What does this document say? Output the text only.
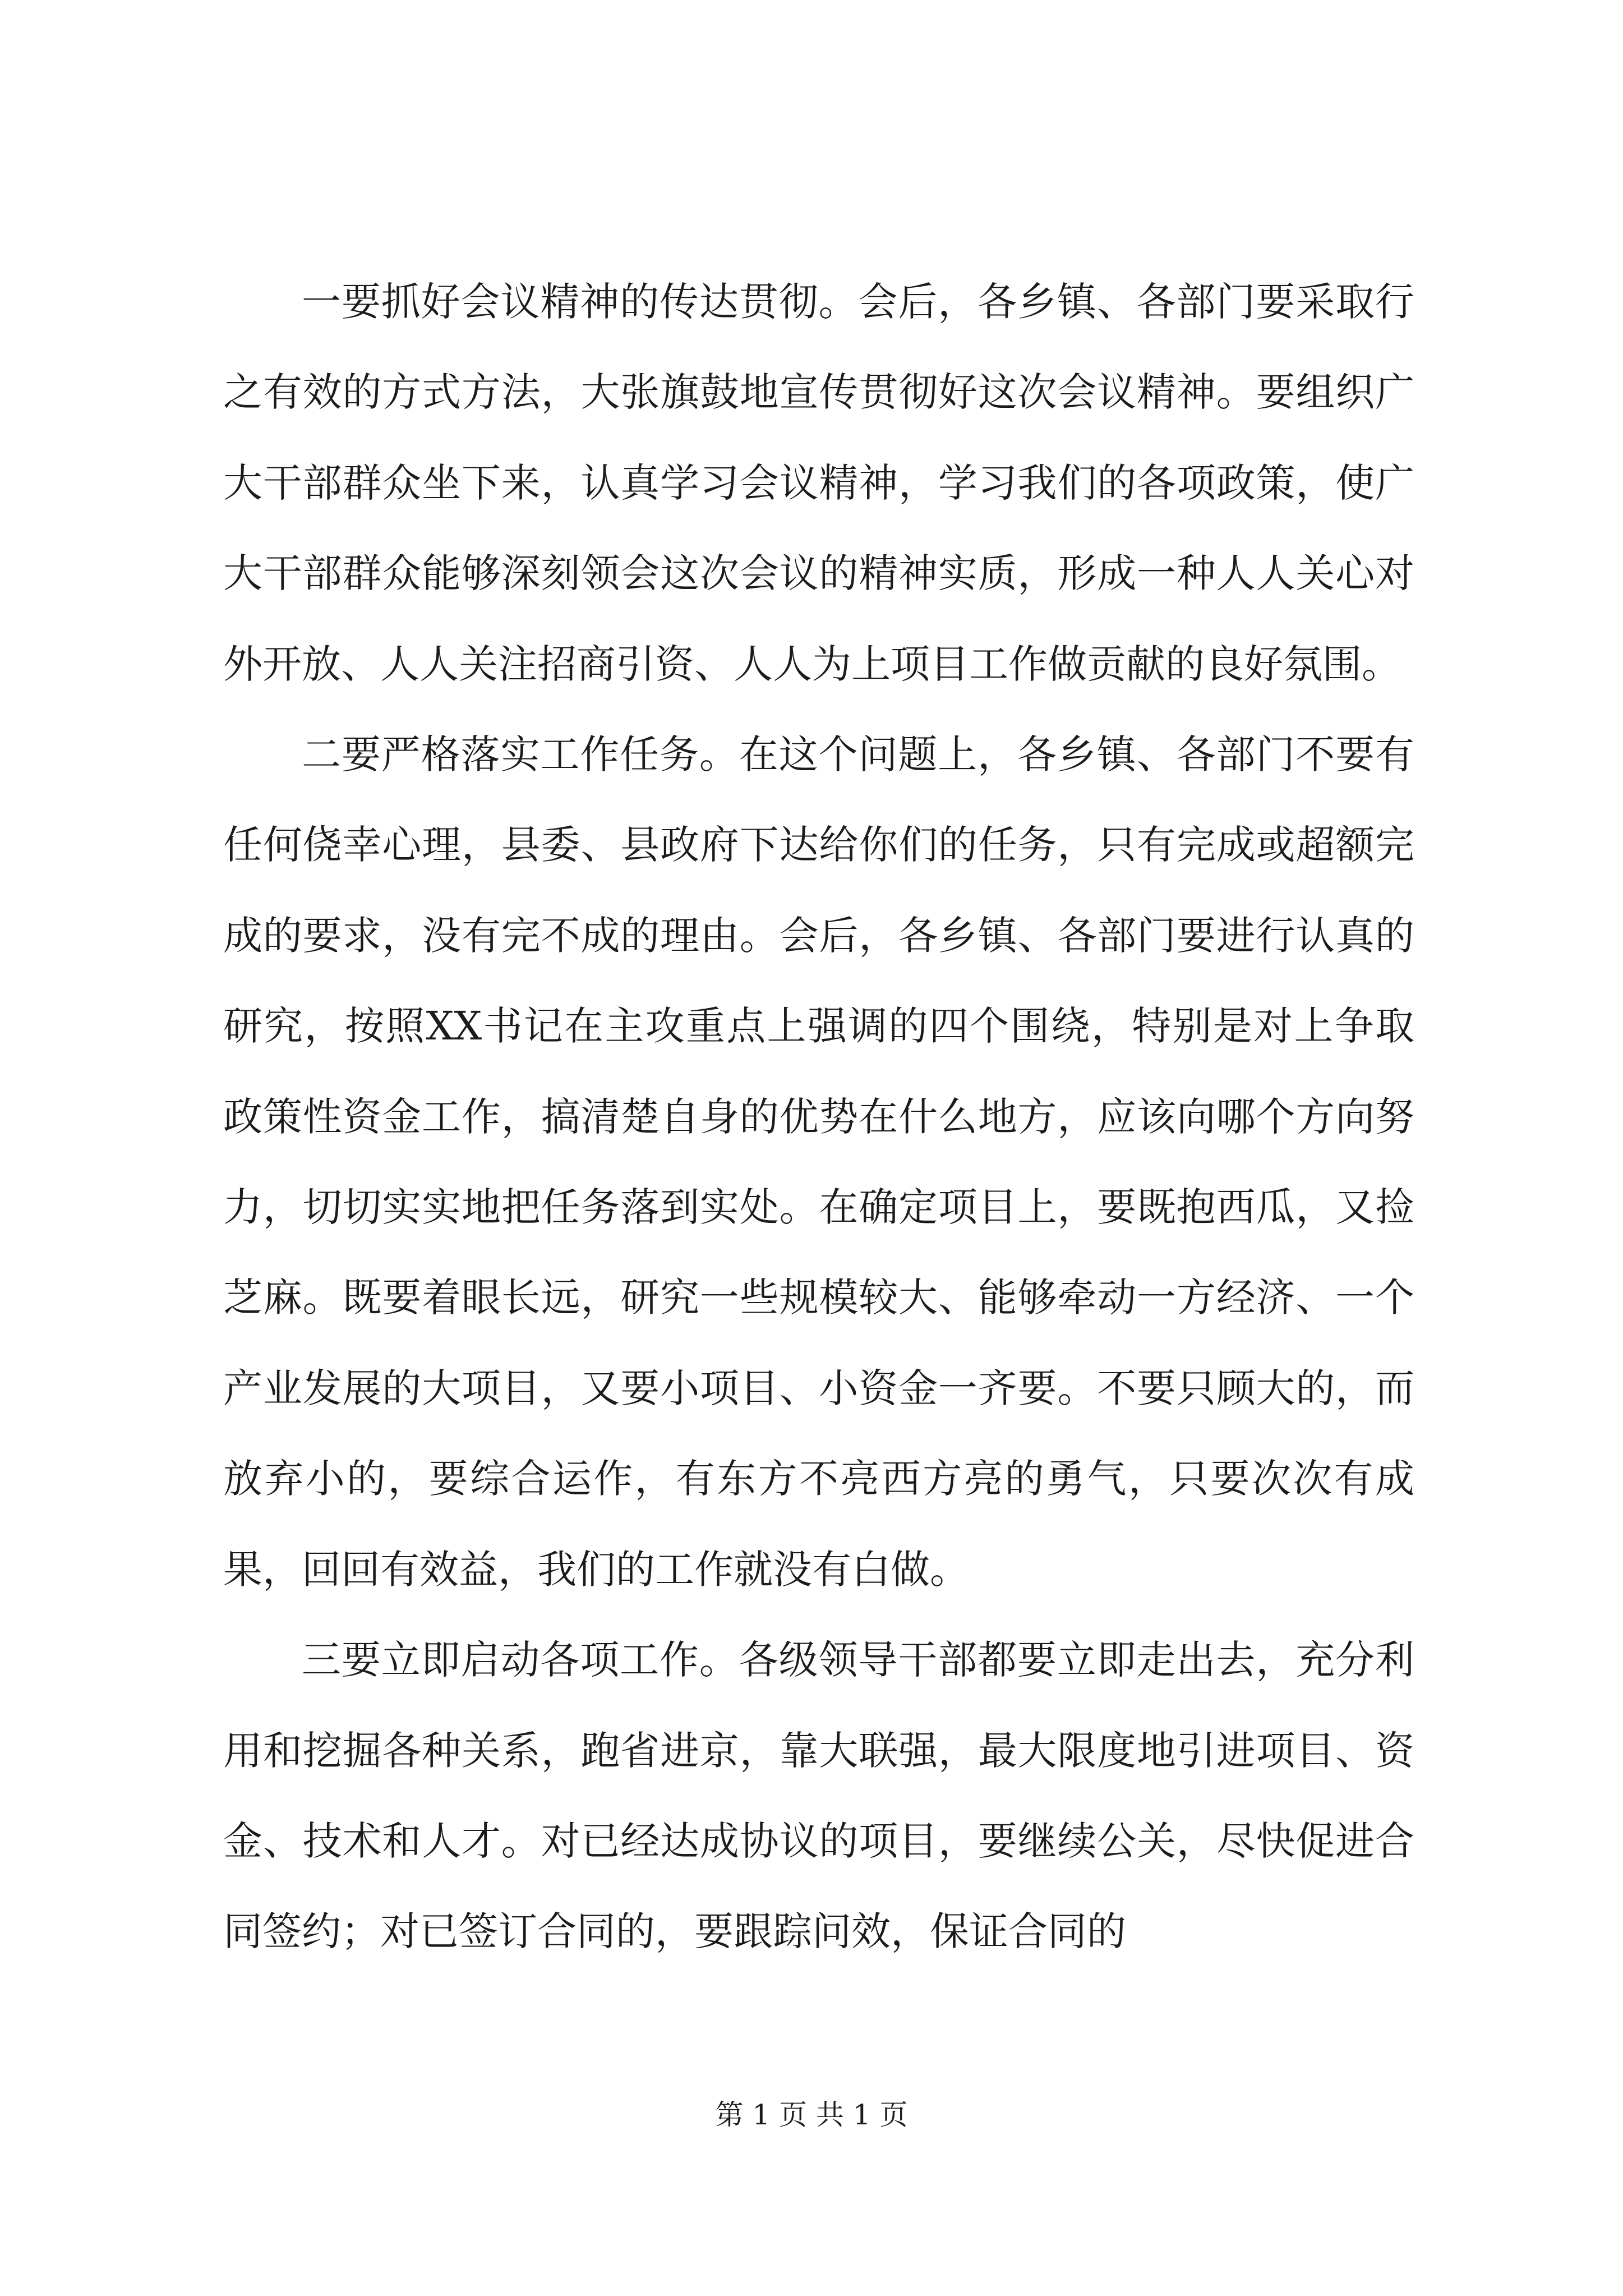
一要抓好会议精神的传达贯彻。会后，各乡镇、各部门要采取行之有效的方式方法，大张旗鼓地宣传贯彻好这次会议精神。要组织广大干部群众坐下来，认真学习会议精神，学习我们的各项政策，使广大干部群众能够深刻领会这次会议的精神实质，形成一种人人关心对外开放、人人关注招商引资、人人为上项目工作做贡献的良好氛围。

二要严格落实工作任务。在这个问题上，各乡镇、各部门不要有任何侥幸心理，县委、县政府下达给你们的任务，只有完成或超额完成的要求，没有完不成的理由。会后，各乡镇、各部门要进行认真的研究，按照XX书记在主攻重点上强调的四个围绕，特别是对上争取政策性资金工作，搞清楚自身的优势在什么地方，应该向哪个方向努力，切切实实地把任务落到实处。在确定项目上，要既抱西瓜，又捡芝麻。既要着眼长远，研究一些规模较大、能够牵动一方经济、一个产业发展的大项目，又要小项目、小资金一齐要。不要只顾大的，而放弃小的，要综合运作，有东方不亮西方亮的勇气，只要次次有成果，回回有效益，我们的工作就没有白做。

三要立即启动各项工作。各级领导干部都要立即走出去，充分利用和挖掘各种关系，跑省进京，靠大联强，最大限度地引进项目、资金、技术和人才。对已经达成协议的项目，要继续公关，尽快促进合同签约；对已签订合同的，要跟踪问效，保证合同的

第 1 页 共 1 页
